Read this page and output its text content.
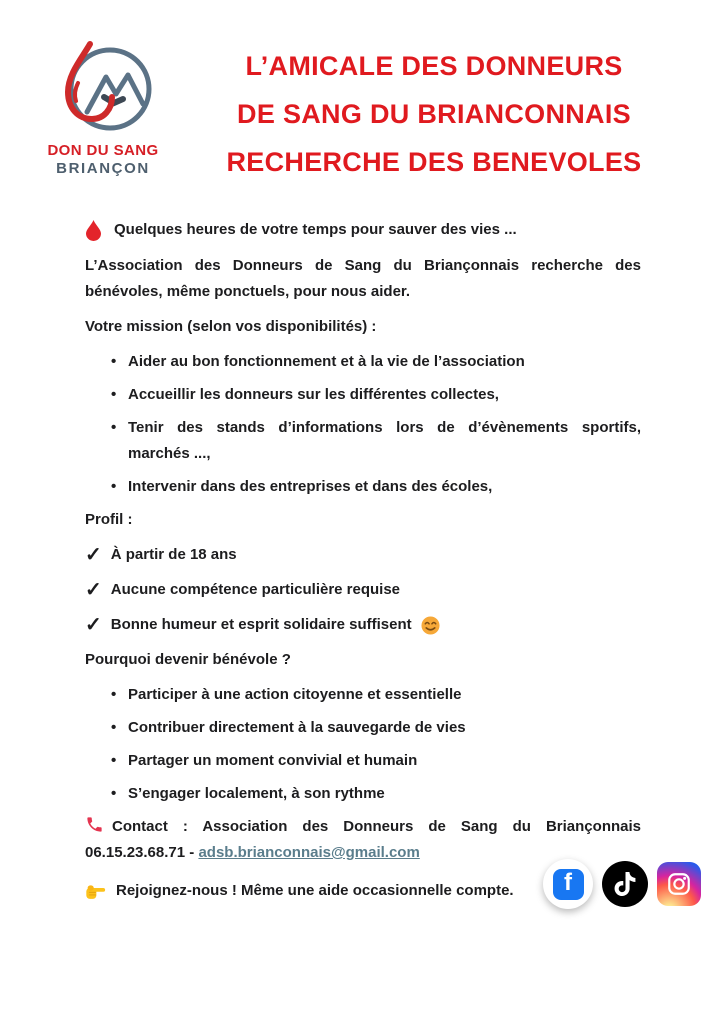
DON DU SANG
BRIANÇON
L’AMICALE DES DONNEURS
DE SANG DU BRIANCONNAIS
RECHERCHE DES BENEVOLES
Quelques heures de votre temps pour sauver des vies ...

L’Association des Donneurs de Sang du Briançonnais recherche des bénévoles, même ponctuels, pour nous aider.

Votre mission (selon vos disponibilités) :
• Aider au bon fonctionnement et à la vie de l’association
• Accueillir les donneurs sur les différentes collectes,
• Tenir des stands d’informations lors de d’évènements sportifs, marchés ...,
• Intervenir dans des entreprises et dans des écoles,
Profil :
✓ À partir de 18 ans
✓ Aucune compétence particulière requise
✓ Bonne humeur et esprit solidaire suffisent
Pourquoi devenir bénévole ?
• Participer à une action citoyenne et essentielle
• Contribuer directement à la sauvegarde de vies
• Partager un moment convivial et humain
• S’engager localement, à son rythme
Contact : Association des Donneurs de Sang du Briançonnais
06.15.23.68.71 - adsb.brianconnais@gmail.com
Rejoignez-nous ! Même une aide occasionnelle compte.	f
